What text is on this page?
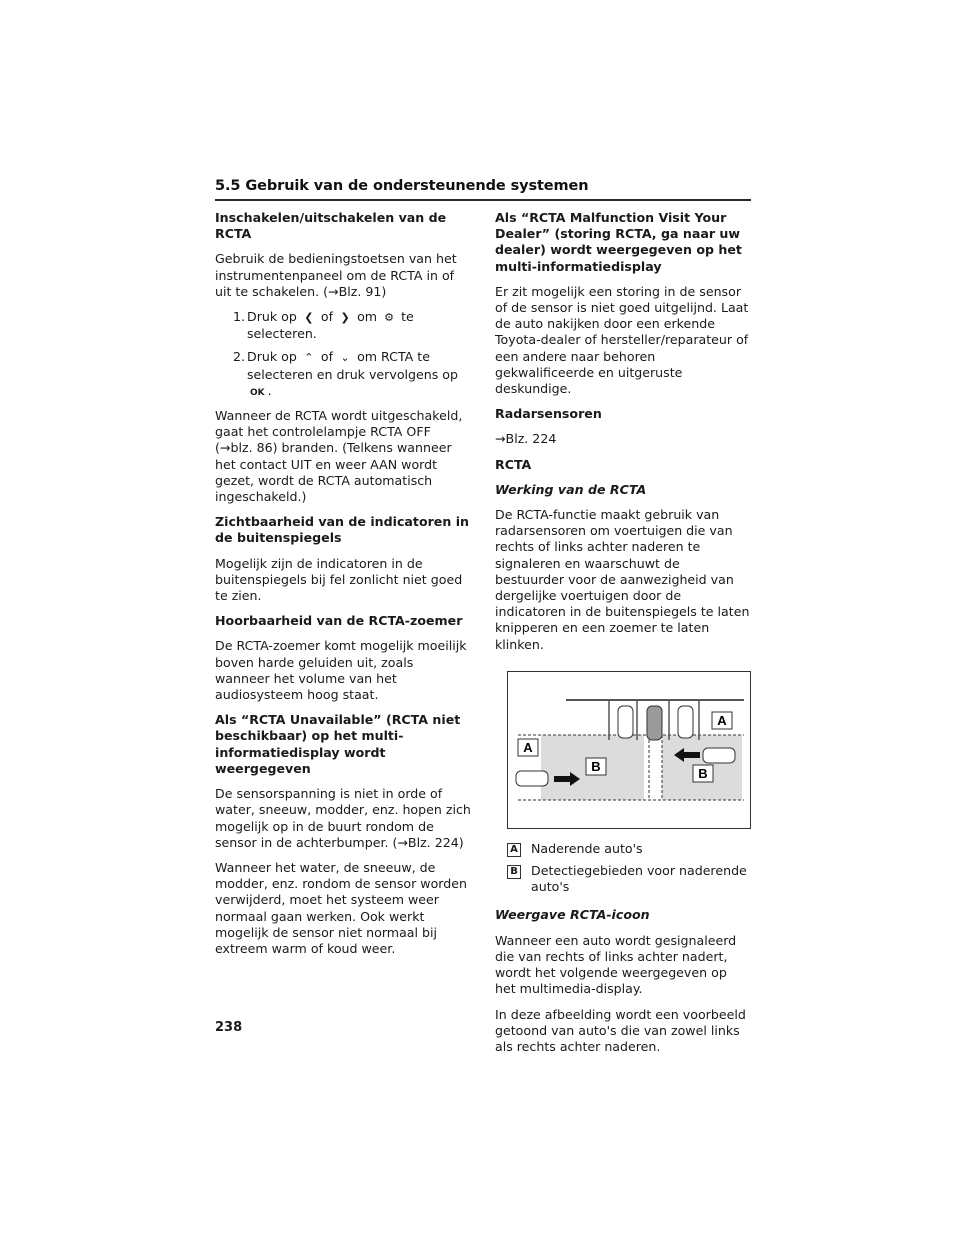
5.5 Gebruik van de ondersteunende systemen
Inschakelen/uitschakelen van de RCTA

Gebruik de bedieningstoetsen van het instrumentenpaneel om de RCTA in of uit te schakelen. (→Blz. 91)

1. Druk op ❮ of ❯ om ⚙ te selecteren.
2. Druk op ⌃ of ⌄ om RCTA te selecteren en druk vervolgens op OK .

Wanneer de RCTA wordt uitgeschakeld, gaat het controlelampje RCTA OFF (→blz. 86) branden. (Telkens wanneer het contact UIT en weer AAN wordt gezet, wordt de RCTA automatisch ingeschakeld.)

Zichtbaarheid van de indicatoren in de buitenspiegels

Mogelijk zijn de indicatoren in de buitenspiegels bij fel zonlicht niet goed te zien.

Hoorbaarheid van de RCTA-zoemer

De RCTA-zoemer komt mogelijk moeilijk boven harde geluiden uit, zoals wanneer het volume van het audiosysteem hoog staat.

Als “RCTA Unavailable” (RCTA niet beschikbaar) op het multi-informatiedisplay wordt weergegeven

De sensorspanning is niet in orde of water, sneeuw, modder, enz. hopen zich mogelijk op in de buurt rondom de sensor in de achterbumper. (→Blz. 224)

Wanneer het water, de sneeuw, de modder, enz. rondom de sensor worden verwijderd, moet het systeem weer normaal gaan werken. Ook werkt mogelijk de sensor niet normaal bij extreem warm of koud weer.

Als “RCTA Malfunction Visit Your Dealer” (storing RCTA, ga naar uw dealer) wordt weergegeven op het multi-informatiedisplay

Er zit mogelijk een storing in de sensor of de sensor is niet goed uitgelijnd. Laat de auto nakijken door een erkende Toyota-dealer of hersteller/reparateur of een andere naar behoren gekwalificeerde en uitgeruste deskundige.

Radarsensoren

→Blz. 224

RCTA
Werking van de RCTA

De RCTA-functie maakt gebruik van radarsensoren om voertuigen die van rechts of links achter naderen te signaleren en waarschuwt de bestuurder voor de aanwezigheid van dergelijke voertuigen door de indicatoren in de buitenspiegels te laten knipperen en een zoemer te laten klinken.

A
A
B	B
A Naderende auto's
B Detectiegebieden voor naderende auto's
Weergave RCTA-icoon

Wanneer een auto wordt gesignaleerd die van rechts of links achter nadert, wordt het volgende weergegeven op het multimedia-display.

In deze afbeelding wordt een voorbeeld getoond van auto's die van zowel links als rechts achter naderen.

238
